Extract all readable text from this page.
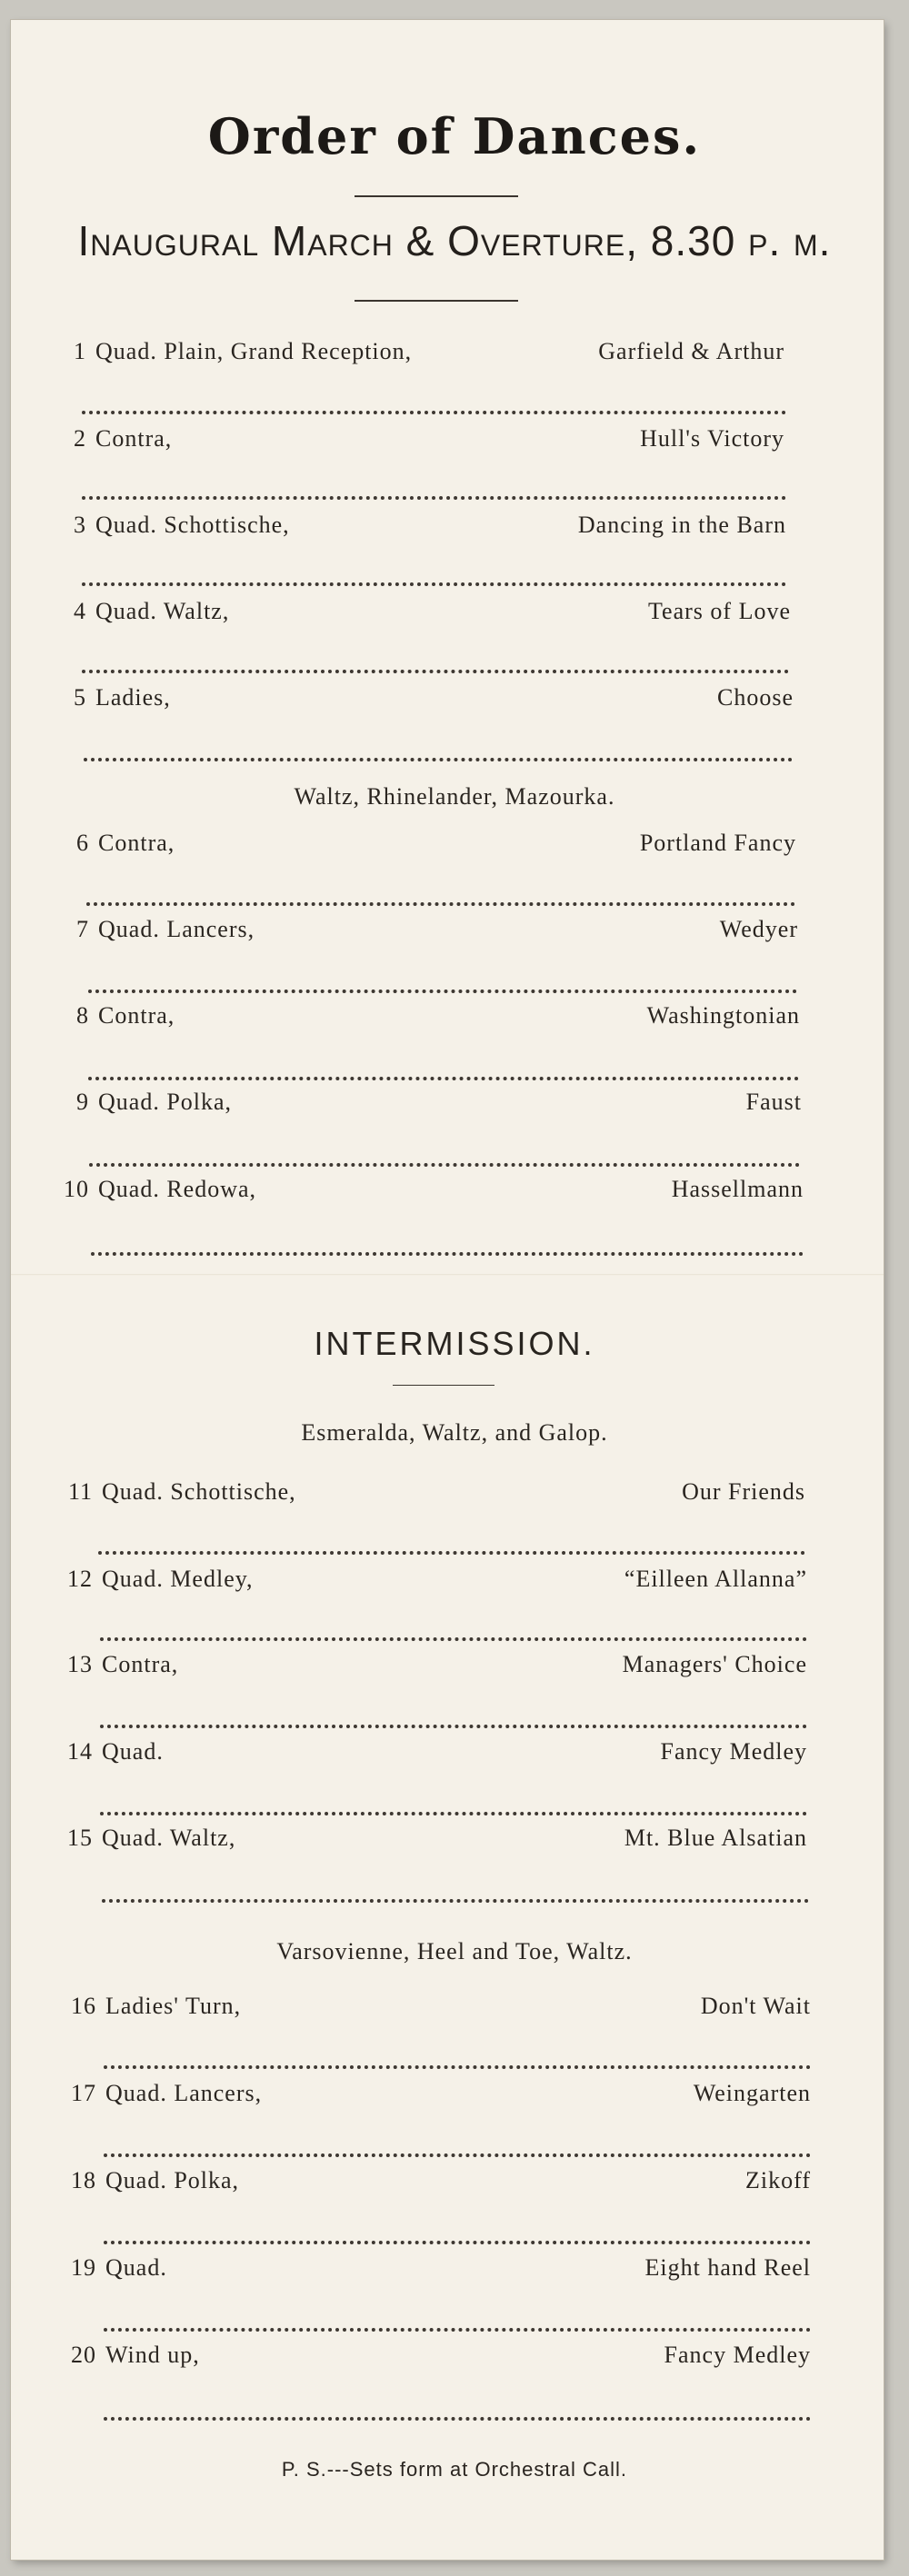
Order of Dances.
Inaugural March & Overture, 8.30 p. m.
1 Quad. Plain, Grand Reception,	Garfield & Arthur
2 Contra,	Hull's Victory
3 Quad. Schottische,	Dancing in the Barn
4 Quad. Waltz,	Tears of Love
5 Ladies,	Choose
Waltz, Rhinelander, Mazourka.
6 Contra,	Portland Fancy
7 Quad. Lancers,	Wedyer
8 Contra,	Washingtonian
9 Quad. Polka,	Faust
10 Quad. Redowa,	Hassellmann
INTERMISSION.
Esmeralda, Waltz, and Galop.
11 Quad. Schottische,	Our Friends
12 Quad. Medley,	“Eilleen Allanna”
13 Contra,	Managers' Choice
14 Quad.	Fancy Medley
15 Quad. Waltz,	Mt. Blue Alsatian
Varsovienne, Heel and Toe, Waltz.
16 Ladies' Turn,	Don't Wait
17 Quad. Lancers,	Weingarten
18 Quad. Polka,	Zikoff
19 Quad.	Eight hand Reel
20 Wind up,	Fancy Medley
P. S.---Sets form at Orchestral Call.
